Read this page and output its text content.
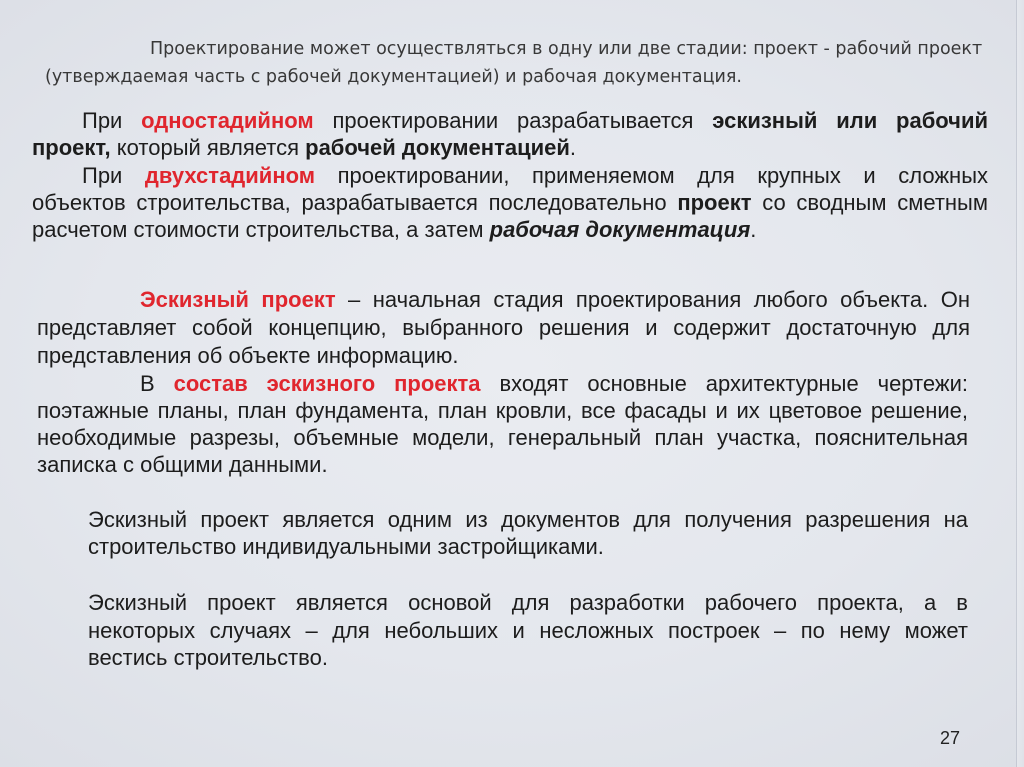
Проектирование может осуществляться в одну или две стадии: проект - рабочий проект
(утверждаемая часть с рабочей документацией) и рабочая документация.
При одностадийном проектировании разрабатывается эскизный или рабочий
проект, который является рабочей документацией.
При двухстадийном проектировании, применяемом для крупных и сложных
объектов строительства, разрабатывается последовательно проект со сводным сметным
расчетом стоимости строительства, а затем рабочая документация.
Эскизный проект – начальная стадия проектирования любого объекта. Он
представляет собой концепцию, выбранного решения и содержит достаточную для
представления об объекте информацию.
В состав эскизного проекта входят основные архитектурные чертежи:
поэтажные планы, план фундамента, план кровли, все фасады и их цветовое решение,
необходимые разрезы, объемные модели, генеральный план участка, пояснительная
записка с общими данными.
Эскизный проект является одним из документов для получения разрешения на
строительство индивидуальными застройщиками.
Эскизный проект является основой для разработки рабочего проекта, а в
некоторых случаях – для небольших и несложных построек – по нему может
вестись строительство.
27
